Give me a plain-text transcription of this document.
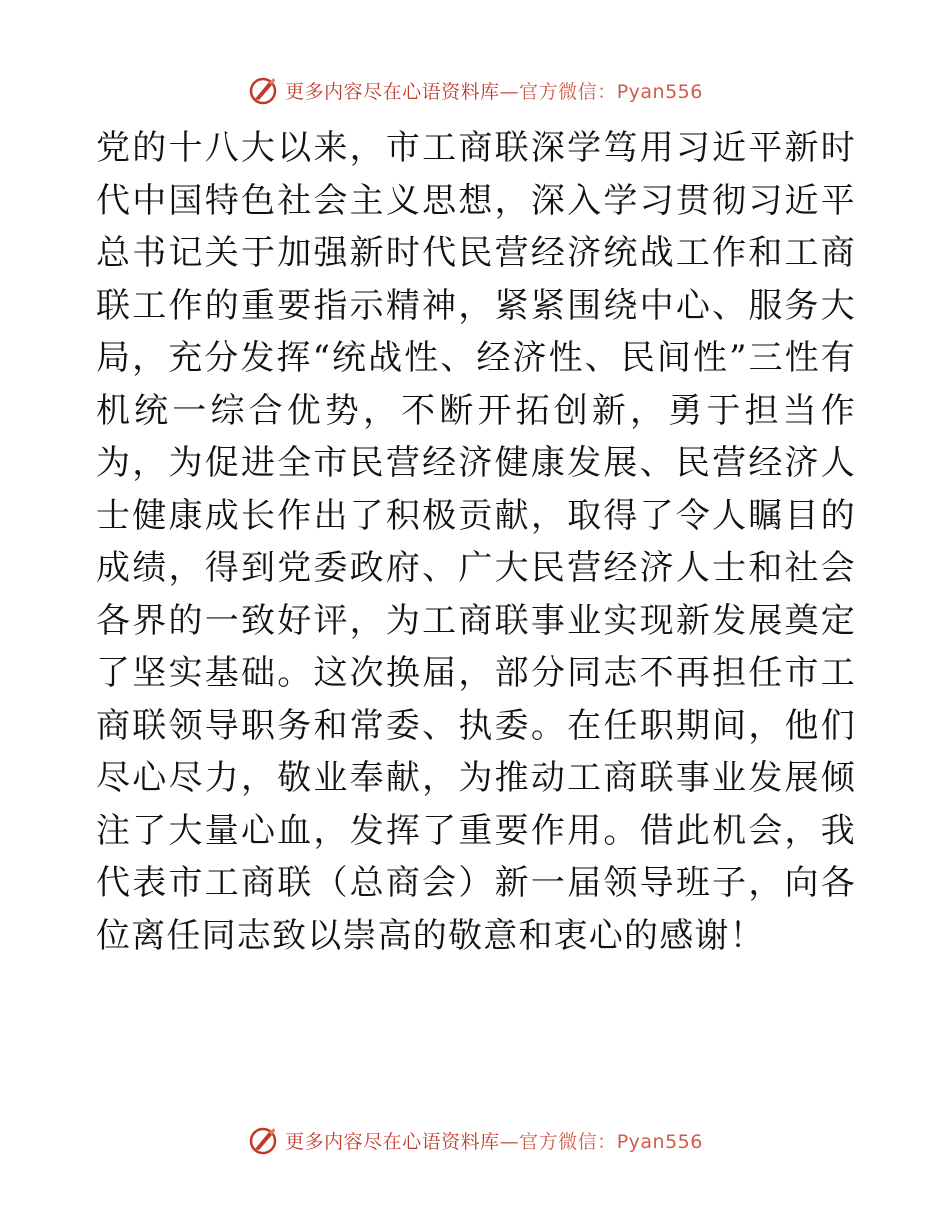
更多内容尽在心语资料库—官方微信：Pyan556

党的十八大以来，市工商联深学笃用习近平新时代中国特色社会主义思想，深入学习贯彻习近平总书记关于加强新时代民营经济统战工作和工商联工作的重要指示精神，紧紧围绕中心、服务大局，充分发挥“统战性、经济性、民间性”三性有机统一综合优势，不断开拓创新，勇于担当作为，为促进全市民营经济健康发展、民营经济人士健康成长作出了积极贡献，取得了令人瞩目的成绩，得到党委政府、广大民营经济人士和社会各界的一致好评，为工商联事业实现新发展奠定了坚实基础。这次换届，部分同志不再担任市工商联领导职务和常委、执委。在任职期间，他们尽心尽力，敬业奉献，为推动工商联事业发展倾注了大量心血，发挥了重要作用。借此机会，我代表市工商联（总商会）新一届领导班子，向各位离任同志致以崇高的敬意和衷心的感谢！

更多内容尽在心语资料库—官方微信：Pyan556
